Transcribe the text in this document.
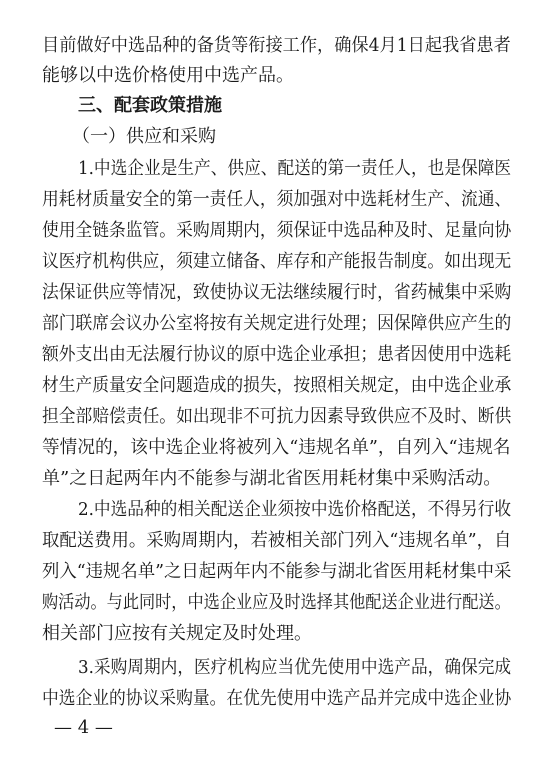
目前做好中选品种的备货等衔接工作，确保4月1日起我省患者
能够以中选价格使用中选产品。
三、配套政策措施
（一）供应和采购
1.中选企业是生产、供应、配送的第一责任人，也是保障医
用耗材质量安全的第一责任人，须加强对中选耗材生产、流通、
使用全链条监管。采购周期内，须保证中选品种及时、足量向协
议医疗机构供应，须建立储备、库存和产能报告制度。如出现无
法保证供应等情况，致使协议无法继续履行时，省药械集中采购
部门联席会议办公室将按有关规定进行处理；因保障供应产生的
额外支出由无法履行协议的原中选企业承担；患者因使用中选耗
材生产质量安全问题造成的损失，按照相关规定，由中选企业承
担全部赔偿责任。如出现非不可抗力因素导致供应不及时、断供
等情况的，该中选企业将被列入“违规名单”，自列入“违规名
单”之日起两年内不能参与湖北省医用耗材集中采购活动。
2.中选品种的相关配送企业须按中选价格配送，不得另行收
取配送费用。采购周期内，若被相关部门列入“违规名单”，自
列入“违规名单”之日起两年内不能参与湖北省医用耗材集中采
购活动。与此同时，中选企业应及时选择其他配送企业进行配送。
相关部门应按有关规定及时处理。
3.采购周期内，医疗机构应当优先使用中选产品，确保完成
中选企业的协议采购量。在优先使用中选产品并完成中选企业协
— 4 —
